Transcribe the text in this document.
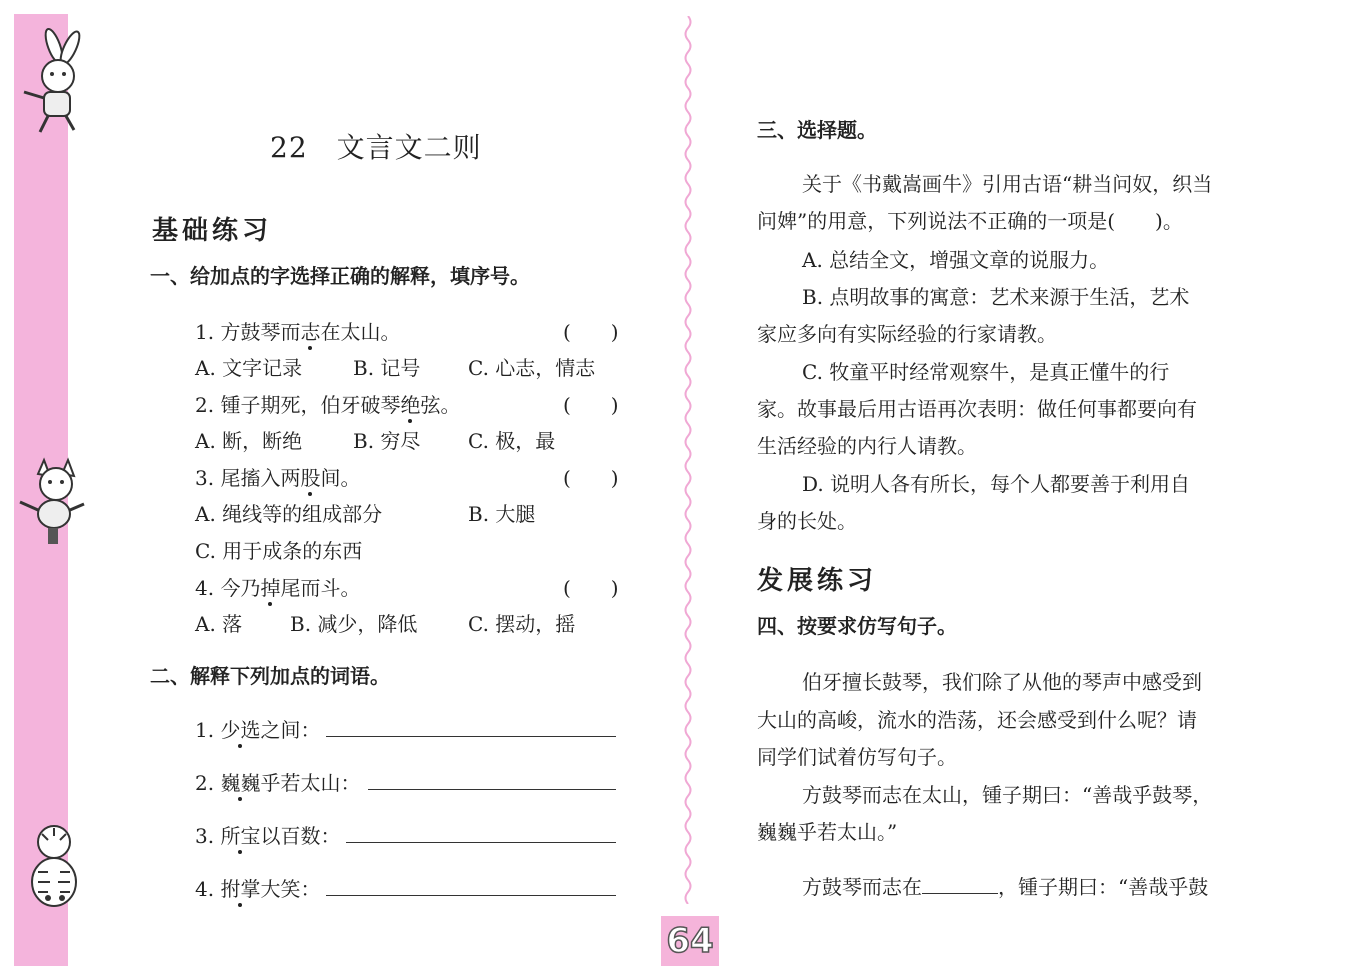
22　文言文二则
基础练习
一、给加点的字选择正确的解释，填序号。
1. 方鼓琴而志在太山。	(　　)
A. 文字记录	B. 记号 C. 心志，情志
2. 锺子期死，伯牙破琴绝弦。	(　　)
A. 断，断绝	B. 穷尽 C. 极，最
3. 尾搐入两股间。	(　　)
A. 绳线等的组成部分	B. 大腿
C. 用于成条的东西
4. 今乃掉尾而斗。	(　　)
A. 落 B. 减少，降低	C. 摆动，摇
二、解释下列加点的词语。
1. 少选之间：
2. 巍巍乎若太山：
3. 所宝以百数：
4. 拊掌大笑：
三、选择题。
关于《书戴嵩画牛》引用古语“耕当问奴，织当
问婢”的用意，下列说法不正确的一项是(　　)。
A. 总结全文，增强文章的说服力。
B. 点明故事的寓意：艺术来源于生活，艺术
家应多向有实际经验的行家请教。
C. 牧童平时经常观察牛，是真正懂牛的行
家。故事最后用古语再次表明：做任何事都要向有
生活经验的内行人请教。
D. 说明人各有所长，每个人都要善于利用自
身的长处。
发展练习
四、按要求仿写句子。
伯牙擅长鼓琴，我们除了从他的琴声中感受到
大山的高峻，流水的浩荡，还会感受到什么呢？请
同学们试着仿写句子。
方鼓琴而志在太山，锺子期曰：“善哉乎鼓琴，
巍巍乎若太山。”
方鼓琴而志在	，锺子期曰：“善哉乎鼓
64
